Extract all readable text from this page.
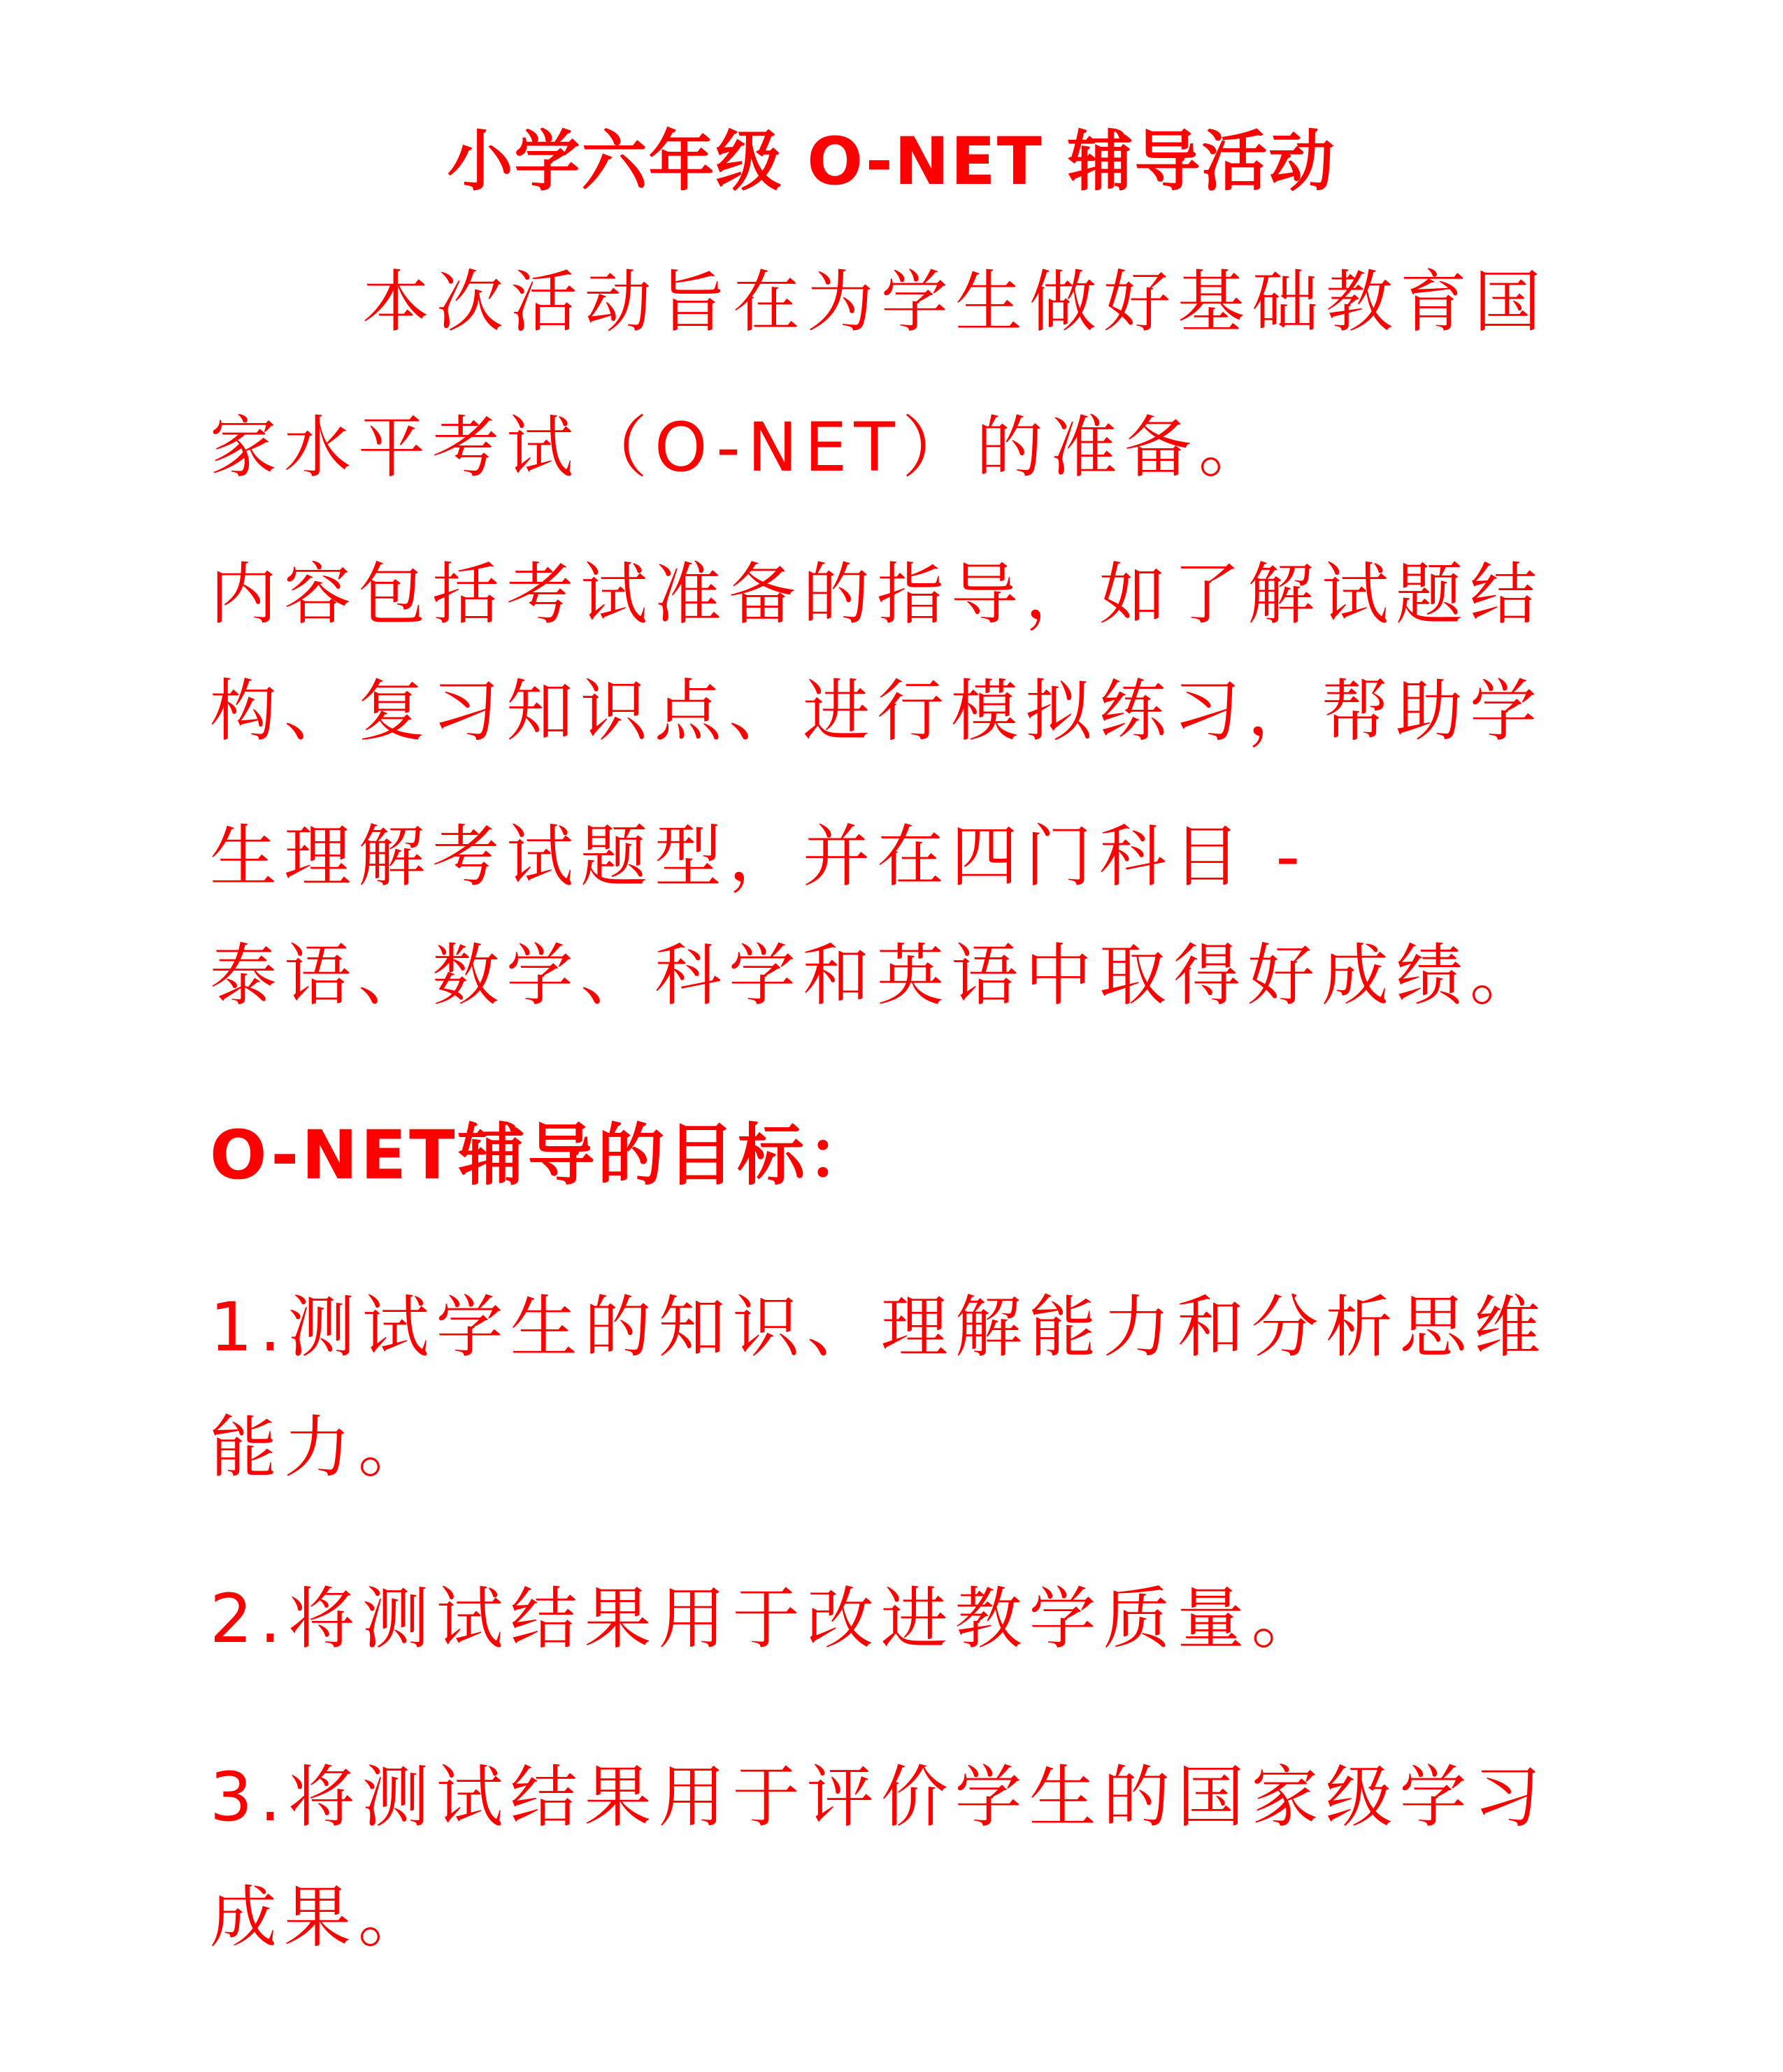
小学六年级 O-NET 辅导活动
本次活动旨在为学生做好基础教育国
家水平考试（O-NET）的准备。
内容包括考试准备的指导，如了解试题结
构、复习知识点、进行模拟练习，帮助学
生理解考试题型，并在四门科目 -
泰语、数学、科学和英语中取得好成绩。
O-NET辅导的目标：
1.测试学生的知识、理解能力和分析思维
能力。
2.将测试结果用于改进教学质量。
3.将测试结果用于评价学生的国家级学习
成果。
